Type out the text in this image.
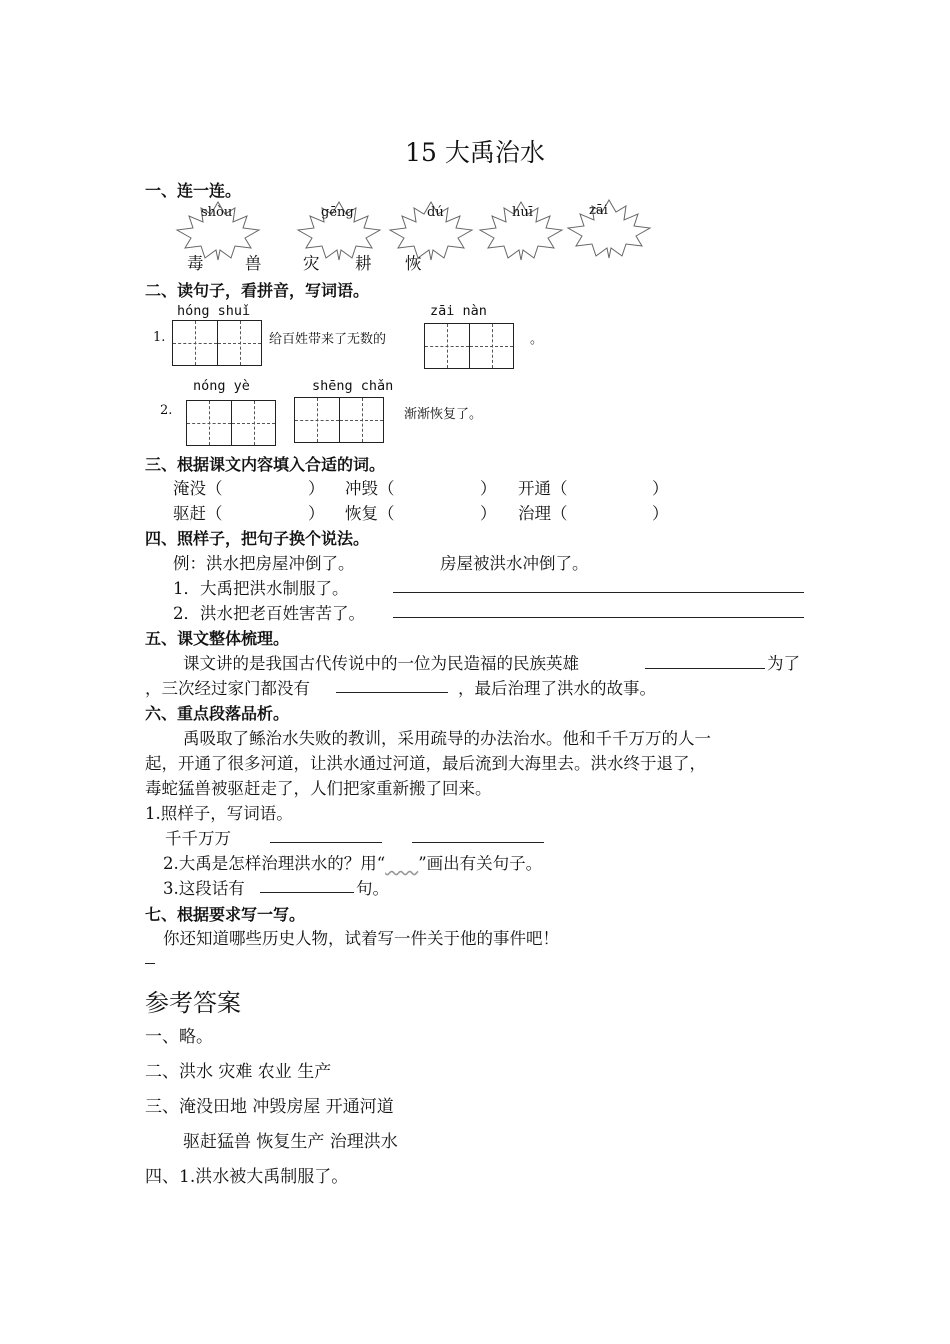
15 大禹治水
一、连一连。
shòu	gēng	dú	huī	zāi
毒	兽	灾 耕 恢
二、读句子，看拼音，写词语。
hóng shuǐ
1.	给百姓带来了无数的
zāi nàn
。
nóng yè	shēng chǎn
2.	渐渐恢复了。
三、根据课文内容填入合适的词。
淹没（	） 冲毁（	） 开通（	）
驱赶（	） 恢复（	） 治理（	）
四、照样子，把句子换个说法。
例：洪水把房屋冲倒了。	房屋被洪水冲倒了。
1．大禹把洪水制服了。
2．洪水把老百姓害苦了。
五、课文整体梳理。
课文讲的是我国古代传说中的一位为民造福的民族英雄	为了
，三次经过家门都没有	，最后治理了洪水的故事。
六、重点段落品析。
禹吸取了鲧治水失败的教训，采用疏导的办法治水。他和千千万万的人一
起，开通了很多河道，让洪水通过河道，最后流到大海里去。洪水终于退了，
毒蛇猛兽被驱赶走了，人们把家重新搬了回来。
1.照样子，写词语。
千千万万
2.大禹是怎样治理洪水的？用“ ”画出有关句子。
3.这段话有	句。
七、根据要求写一写。
你还知道哪些历史人物，试着写一件关于他的事件吧！
参考答案
一、略。
二、洪水 灾难 农业 生产
三、淹没田地 冲毁房屋 开通河道
驱赶猛兽 恢复生产 治理洪水
四、1.洪水被大禹制服了。
